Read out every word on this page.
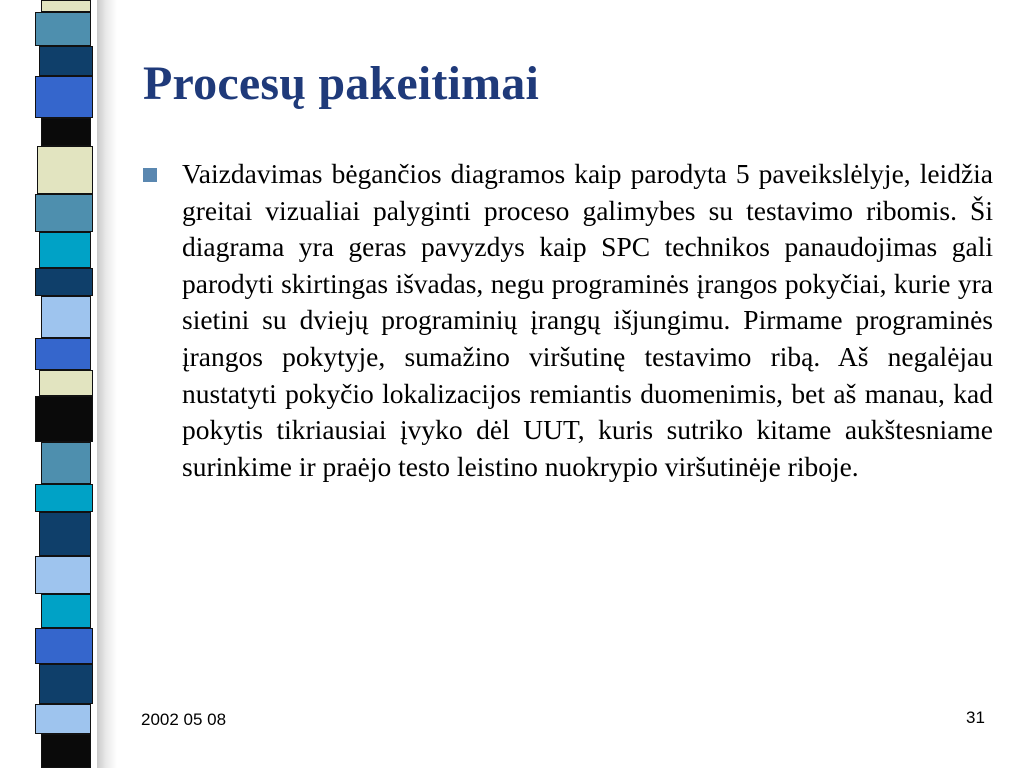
Procesų pakeitimai

Vaizdavimas bėgančios diagramos kaip parodyta 5 paveikslėlyje, leidžia greitai vizualiai palyginti proceso galimybes su testavimo ribomis. Ši diagrama yra geras pavyzdys kaip SPC technikos panaudojimas gali parodyti skirtingas išvadas, negu programinės įrangos pokyčiai, kurie yra sietini su dviejų programinių įrangų išjungimu. Pirmame programinės įrangos pokytyje, sumažino viršutinę testavimo ribą. Aš negalėjau nustatyti pokyčio lokalizacijos remiantis duomenimis, bet aš manau, kad pokytis tikriausiai įvyko dėl UUT, kuris sutriko kitame aukštesniame surinkime ir praėjo testo leistino nuokrypio viršutinėje riboje.

2002 05 08	31
